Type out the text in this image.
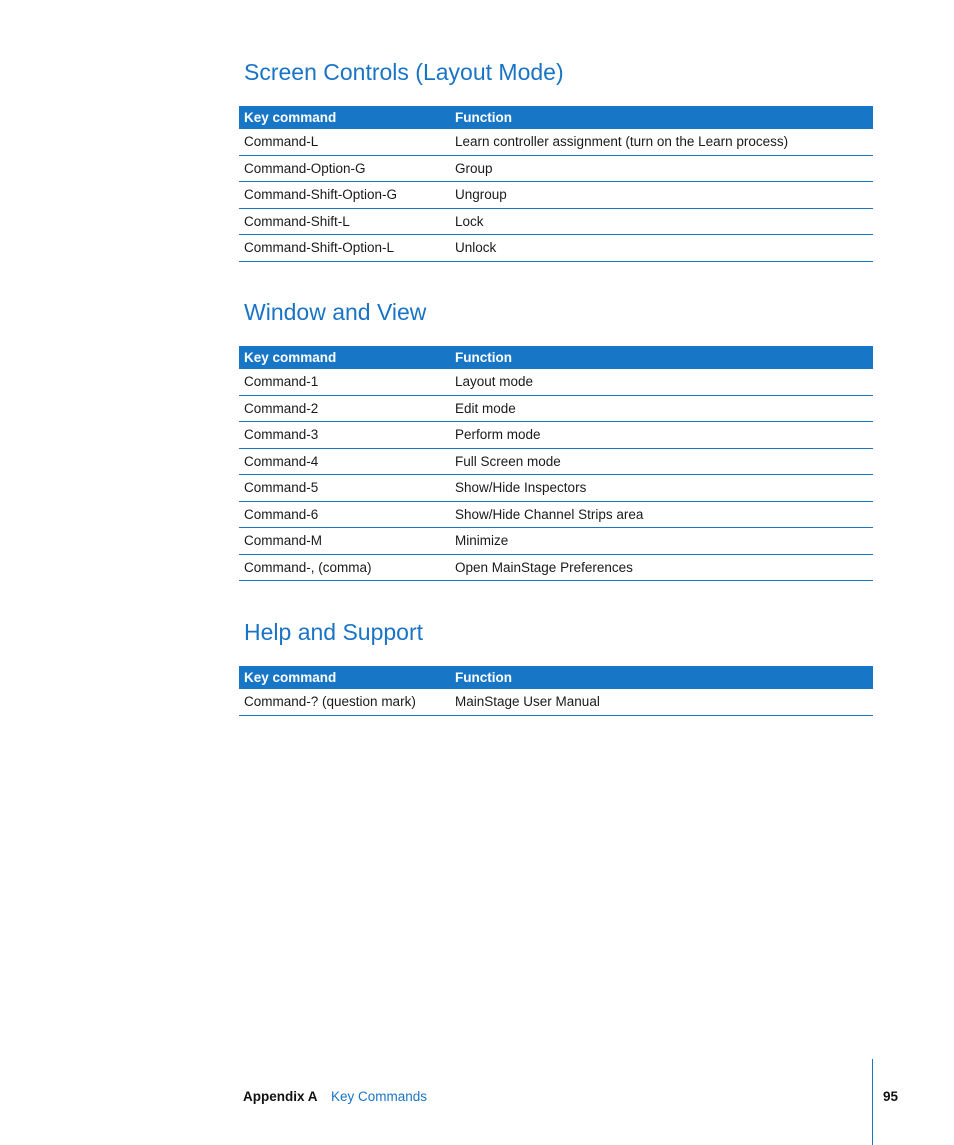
Screen Controls (Layout Mode)
Key command	Function
Command-L	Learn controller assignment (turn on the Learn process)
Command-Option-G	Group
Command-Shift-Option-G	Ungroup
Command-Shift-L	Lock
Command-Shift-Option-L	Unlock
Window and View
Key command	Function
Command-1	Layout mode
Command-2	Edit mode
Command-3	Perform mode
Command-4	Full Screen mode
Command-5	Show/Hide Inspectors
Command-6	Show/Hide Channel Strips area
Command-M	Minimize
Command-, (comma)	Open MainStage Preferences
Help and Support
Key command	Function
Command-? (question mark)	MainStage User Manual
Appendix A Key Commands	95
